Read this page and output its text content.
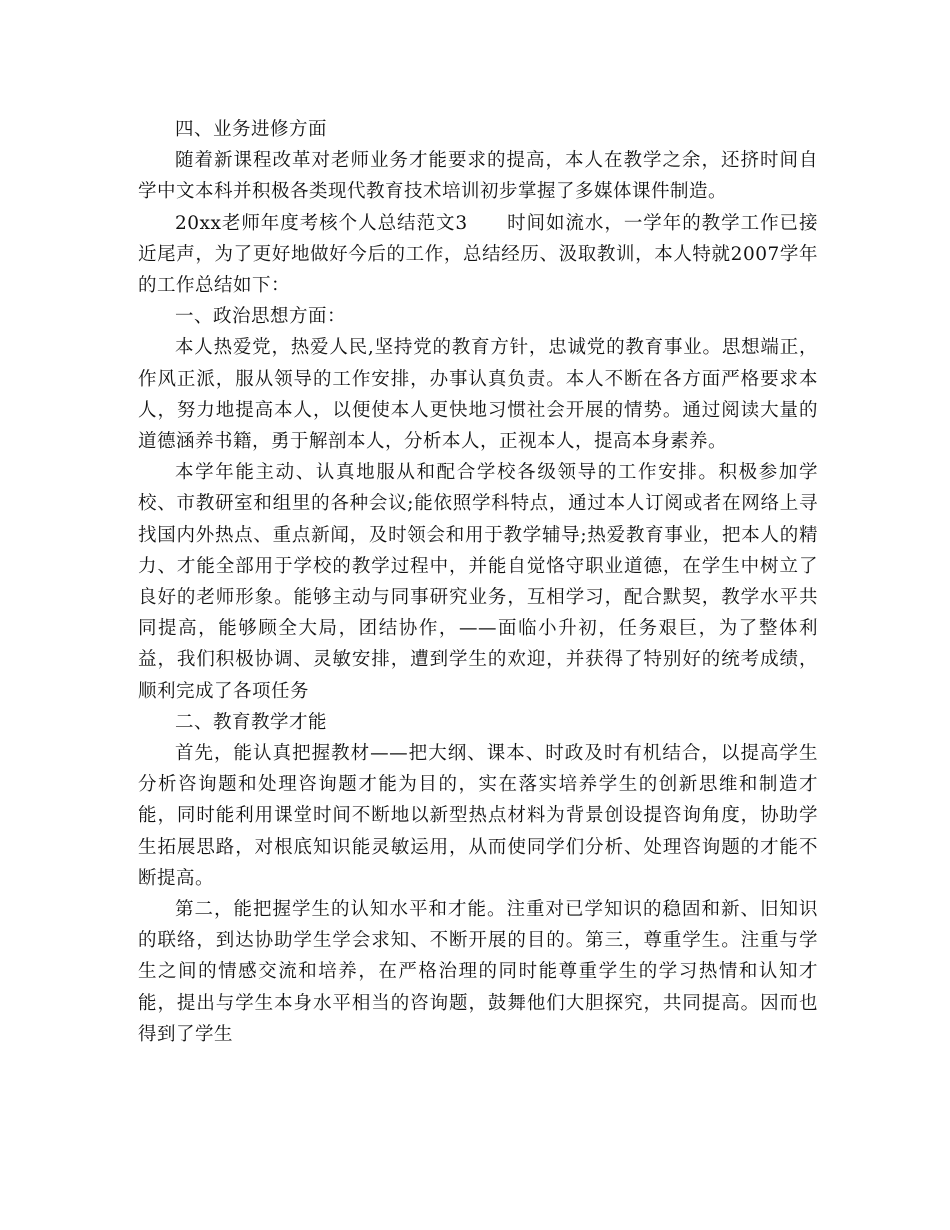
四、业务进修方面

随着新课程改革对老师业务才能要求的提高，本人在教学之余，还挤时间自学中文本科并积极各类现代教育技术培训初步掌握了多媒体课件制造。

20xx老师年度考核个人总结范文3　　时间如流水，一学年的教学工作已接近尾声，为了更好地做好今后的工作，总结经历、汲取教训，本人特就2007学年的工作总结如下：

一、政治思想方面：

本人热爱党，热爱人民,坚持党的教育方针，忠诚党的教育事业。思想端正，作风正派，服从领导的工作安排，办事认真负责。本人不断在各方面严格要求本人，努力地提高本人，以便使本人更快地习惯社会开展的情势。通过阅读大量的道德涵养书籍，勇于解剖本人，分析本人，正视本人，提高本身素养。

本学年能主动、认真地服从和配合学校各级领导的工作安排。积极参加学校、市教研室和组里的各种会议;能依照学科特点，通过本人订阅或者在网络上寻找国内外热点、重点新闻，及时领会和用于教学辅导;热爱教育事业，把本人的精力、才能全部用于学校的教学过程中，并能自觉恪守职业道德，在学生中树立了良好的老师形象。能够主动与同事研究业务，互相学习，配合默契，教学水平共同提高，能够顾全大局，团结协作，——面临小升初，任务艰巨，为了整体利益，我们积极协调、灵敏安排，遭到学生的欢迎，并获得了特别好的统考成绩，顺利完成了各项任务

二、教育教学才能

首先，能认真把握教材——把大纲、课本、时政及时有机结合，以提高学生分析咨询题和处理咨询题才能为目的，实在落实培养学生的创新思维和制造才能，同时能利用课堂时间不断地以新型热点材料为背景创设提咨询角度，协助学生拓展思路，对根底知识能灵敏运用，从而使同学们分析、处理咨询题的才能不断提高。

第二，能把握学生的认知水平和才能。注重对已学知识的稳固和新、旧知识的联络，到达协助学生学会求知、不断开展的目的。第三，尊重学生。注重与学生之间的情感交流和培养，在严格治理的同时能尊重学生的学习热情和认知才能，提出与学生本身水平相当的咨询题，鼓舞他们大胆探究，共同提高。因而也得到了学生
